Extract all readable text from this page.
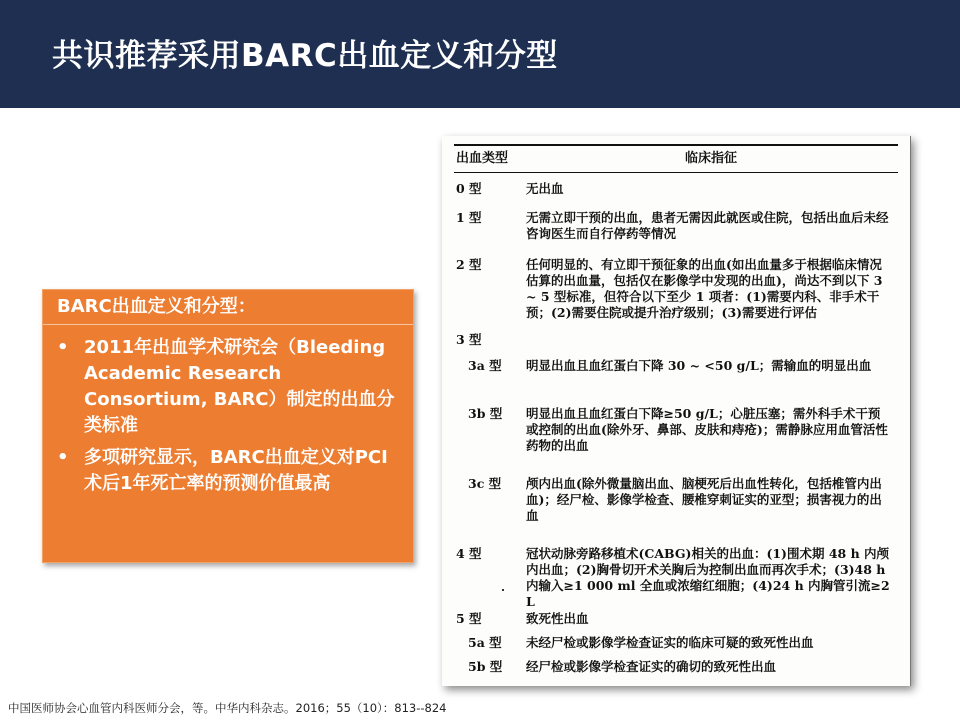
共识推荐采用BARC出血定义和分型
BARC出血定义和分型：
• 2011年出血学术研究会（Bleeding Academic Research Consortium, BARC）制定的出血分类标准
• 多项研究显示，BARC出血定义对PCI术后1年死亡率的预测价值最高
出血类型	临床指征
0 型	无出血
1 型	无需立即干预的出血，患者无需因此就医或住院，包括出血后未经咨询医生而自行停药等情况
2 型	任何明显的、有立即干预征象的出血(如出血量多于根据临床情况估算的出血量，包括仅在影像学中发现的出血)，尚达不到以下 3 ~ 5 型标准，但符合以下至少 1 项者：(1)需要内科、非手术干预；(2)需要住院或提升治疗级别；(3)需要进行评估
3 型
3a 型	明显出血且血红蛋白下降 30 ~ <50 g/L；需输血的明显出血
3b 型	明显出血且血红蛋白下降≥50 g/L；心脏压塞；需外科手术干预或控制的出血(除外牙、鼻部、皮肤和痔疮)；需静脉应用血管活性药物的出血
3c 型	颅内出血(除外微量脑出血、脑梗死后出血性转化，包括椎管内出血)；经尸检、影像学检查、腰椎穿刺证实的亚型；损害视力的出血
4 型	冠状动脉旁路移植术(CABG)相关的出血：(1)围术期 48 h 内颅内出血；(2)胸骨切开术关胸后为控制出血而再次手术；(3)48 h 内输入≥1 000 ml 全血或浓缩红细胞；(4)24 h 内胸管引流≥2 L
5 型	致死性出血
5a 型	未经尸检或影像学检查证实的临床可疑的致死性出血
5b 型	经尸检或影像学检查证实的确切的致死性出血
中国医师协会心血管内科医师分会，等。中华内科杂志。2016；55（10）：813--824
